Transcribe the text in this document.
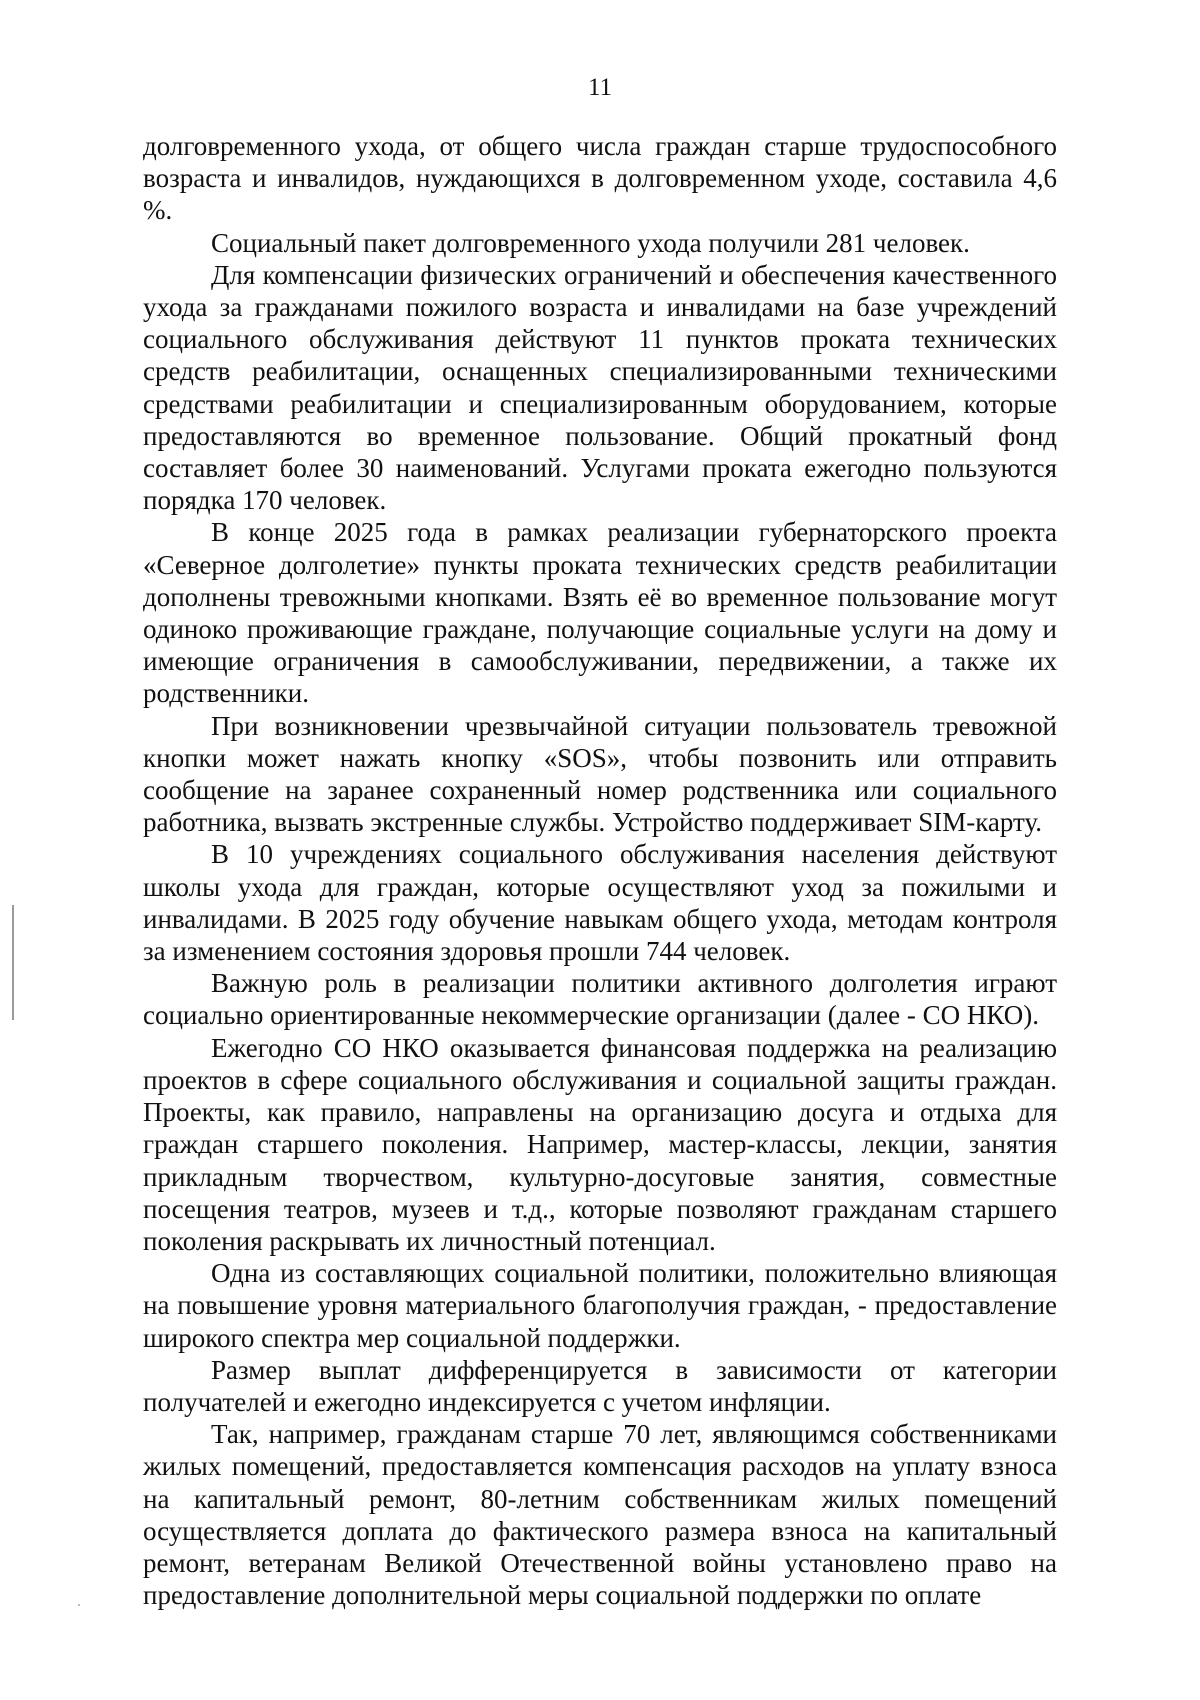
11

долговременного ухода, от общего числа граждан старше трудоспособного возраста и инвалидов, нуждающихся в долговременном уходе, составила 4,6 %.

Социальный пакет долговременного ухода получили 281 человек.

Для компенсации физических ограничений и обеспечения качественного ухода за гражданами пожилого возраста и инвалидами на базе учреждений социального обслуживания действуют 11 пунктов проката технических средств реабилитации, оснащенных специализированными техническими средствами реабилитации и специализированным оборудованием, которые предоставляются во временное пользование. Общий прокатный фонд составляет более 30 наименований. Услугами проката ежегодно пользуются порядка 170 человек.

В конце 2025 года в рамках реализации губернаторского проекта «Северное долголетие» пункты проката технических средств реабилитации дополнены тревожными кнопками. Взять её во временное пользование могут одиноко проживающие граждане, получающие социальные услуги на дому и имеющие ограничения в самообслуживании, передвижении, а также их родственники.

При возникновении чрезвычайной ситуации пользователь тревожной кнопки может нажать кнопку «SOS», чтобы позвонить или отправить сообщение на заранее сохраненный номер родственника или социального работника, вызвать экстренные службы. Устройство поддерживает SIM-карту.

В 10 учреждениях социального обслуживания населения действуют школы ухода для граждан, которые осуществляют уход за пожилыми и инвалидами. В 2025 году обучение навыкам общего ухода, методам контроля за изменением состояния здоровья прошли 744 человек.

Важную роль в реализации политики активного долголетия играют социально ориентированные некоммерческие организации (далее - СО НКО).

Ежегодно СО НКО оказывается финансовая поддержка на реализацию проектов в сфере социального обслуживания и социальной защиты граждан. Проекты, как правило, направлены на организацию досуга и отдыха для граждан старшего поколения. Например, мастер-классы, лекции, занятия прикладным творчеством, культурно-досуговые занятия, совместные посещения театров, музеев и т.д., которые позволяют гражданам старшего поколения раскрывать их личностный потенциал.

Одна из составляющих социальной политики, положительно влияющая на повышение уровня материального благополучия граждан, - предоставление широкого спектра мер социальной поддержки.

Размер выплат дифференцируется в зависимости от категории получателей и ежегодно индексируется с учетом инфляции.

Так, например, гражданам старше 70 лет, являющимся собственниками жилых помещений, предоставляется компенсация расходов на уплату взноса на капитальный ремонт, 80-летним собственникам жилых помещений осуществляется доплата до фактического размера взноса на капитальный ремонт, ветеранам Великой Отечественной войны установлено право на предоставление дополнительной меры социальной поддержки по оплате
